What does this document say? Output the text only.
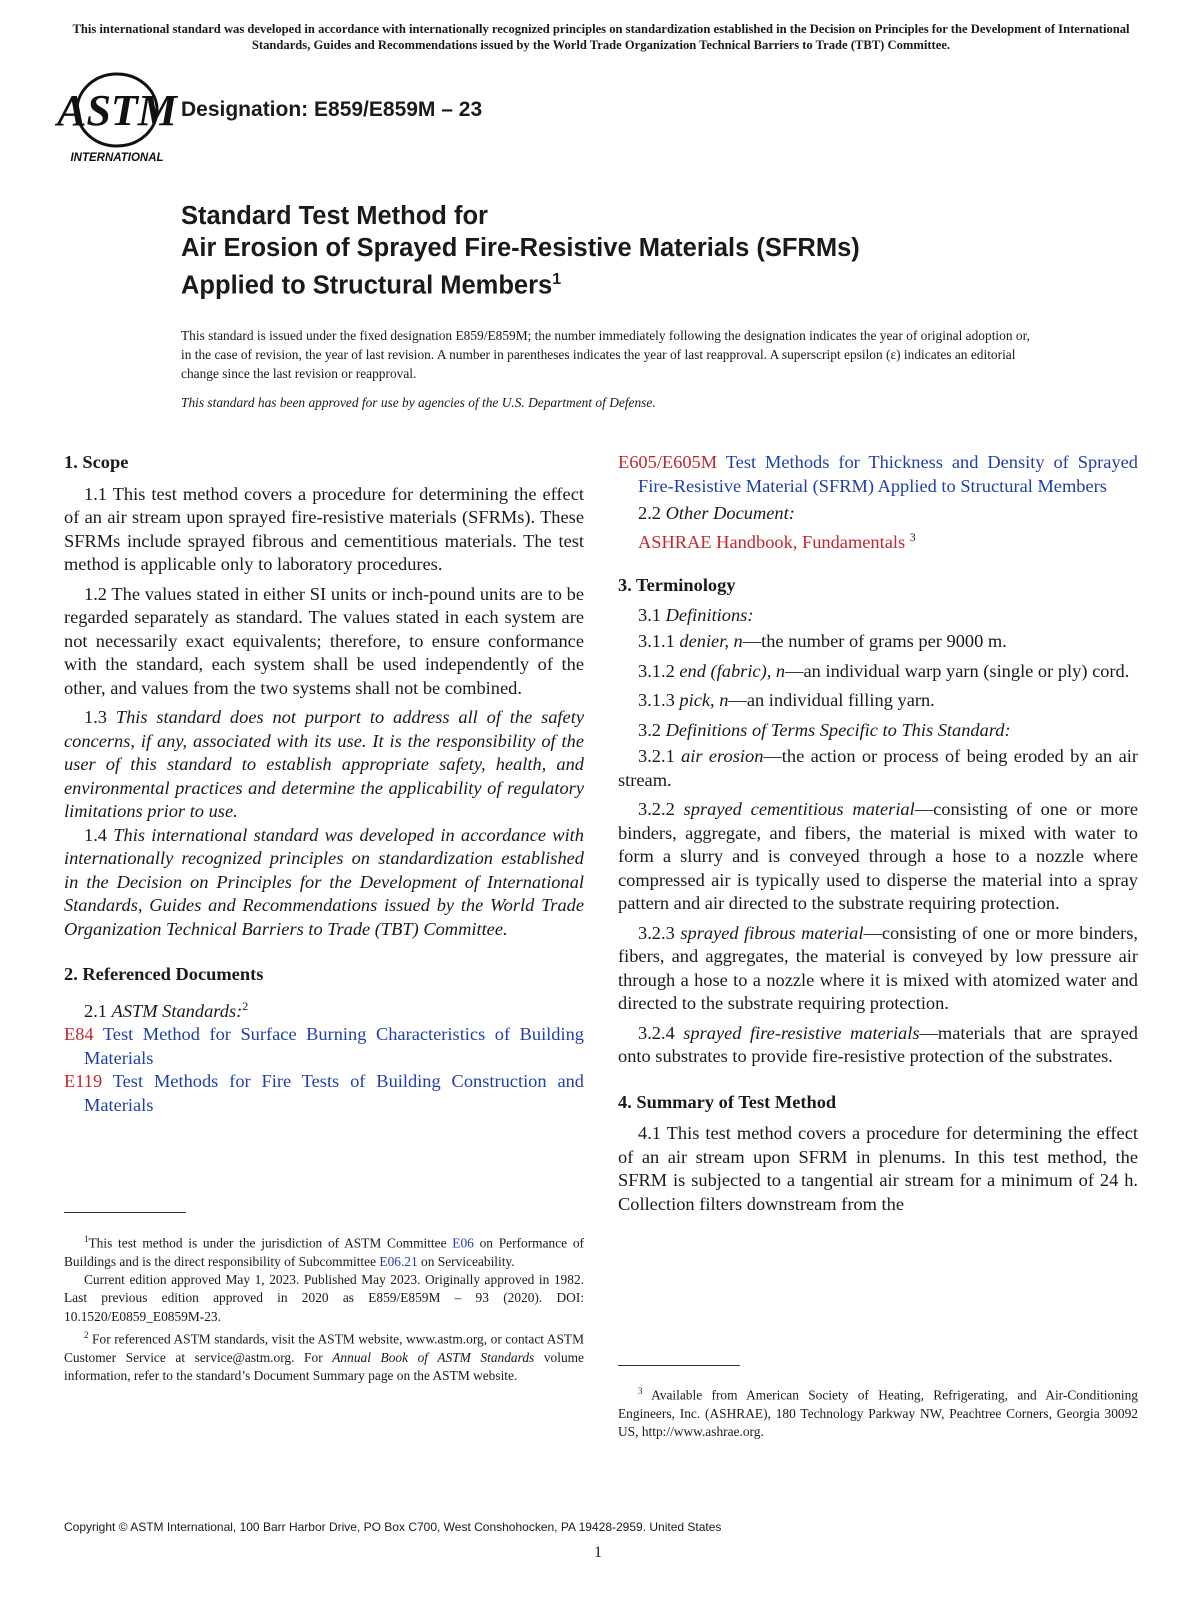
This international standard was developed in accordance with internationally recognized principles on standardization established in the Decision on Principles for the Development of International Standards, Guides and Recommendations issued by the World Trade Organization Technical Barriers to Trade (TBT) Committee.
ASTM
INTERNATIONAL
Designation: E859/E859M – 23
Standard Test Method for
Air Erosion of Sprayed Fire-Resistive Materials (SFRMs)
Applied to Structural Members$^1$
This standard is issued under the fixed designation E859/E859M; the number immediately following the designation indicates the year of original adoption or, in the case of revision, the year of last revision. A number in parentheses indicates the year of last reapproval. A superscript epsilon (ε) indicates an editorial change since the last revision or reapproval.
This standard has been approved for use by agencies of the U.S. Department of Defense.
1. Scope

1.1 This test method covers a procedure for determining the effect of an air stream upon sprayed fire-resistive materials (SFRMs). These SFRMs include sprayed fibrous and cementitious materials. The test method is applicable only to laboratory procedures.

1.2 The values stated in either SI units or inch-pound units are to be regarded separately as standard. The values stated in each system are not necessarily exact equivalents; therefore, to ensure conformance with the standard, each system shall be used independently of the other, and values from the two systems shall not be combined.

1.3 This standard does not purport to address all of the safety concerns, if any, associated with its use. It is the responsibility of the user of this standard to establish appropriate safety, health, and environmental practices and determine the applicability of regulatory limitations prior to use.

1.4 This international standard was developed in accordance with internationally recognized principles on standardization established in the Decision on Principles for the Development of International Standards, Guides and Recommendations issued by the World Trade Organization Technical Barriers to Trade (TBT) Committee.

2. Referenced Documents

2.1 ASTM Standards:$^2$

E84 Test Method for Surface Burning Characteristics of Building Materials

E119 Test Methods for Fire Tests of Building Construction and Materials

$^1$This test method is under the jurisdiction of ASTM Committee E06 on Performance of Buildings and is the direct responsibility of Subcommittee E06.21 on Serviceability.

Current edition approved May 1, 2023. Published May 2023. Originally approved in 1982. Last previous edition approved in 2020 as E859/E859M – 93 (2020). DOI: 10.1520/E0859_E0859M-23.

$^2$ For referenced ASTM standards, visit the ASTM website, www.astm.org, or contact ASTM Customer Service at service@astm.org. For Annual Book of ASTM Standards volume information, refer to the standard’s Document Summary page on the ASTM website.

E605/E605M Test Methods for Thickness and Density of Sprayed Fire-Resistive Material (SFRM) Applied to Structural Members

2.2 Other Document:

ASHRAE Handbook, Fundamentals $^3$

3. Terminology

3.1 Definitions:

3.1.1 denier, n—the number of grams per 9000 m.

3.1.2 end (fabric), n—an individual warp yarn (single or ply) cord.

3.1.3 pick, n—an individual filling yarn.

3.2 Definitions of Terms Specific to This Standard:

3.2.1 air erosion—the action or process of being eroded by an air stream.

3.2.2 sprayed cementitious material—consisting of one or more binders, aggregate, and fibers, the material is mixed with water to form a slurry and is conveyed through a hose to a nozzle where compressed air is typically used to disperse the material into a spray pattern and air directed to the substrate requiring protection.

3.2.3 sprayed fibrous material—consisting of one or more binders, fibers, and aggregates, the material is conveyed by low pressure air through a hose to a nozzle where it is mixed with atomized water and directed to the substrate requiring protection.

3.2.4 sprayed fire-resistive materials—materials that are sprayed onto substrates to provide fire-resistive protection of the substrates.

4. Summary of Test Method

4.1 This test method covers a procedure for determining the effect of an air stream upon SFRM in plenums. In this test method, the SFRM is subjected to a tangential air stream for a minimum of 24 h. Collection filters downstream from the

$^3$ Available from American Society of Heating, Refrigerating, and Air-Conditioning Engineers, Inc. (ASHRAE), 180 Technology Parkway NW, Peachtree Corners, Georgia 30092 US, http://www.ashrae.org.

Copyright © ASTM International, 100 Barr Harbor Drive, PO Box C700, West Conshohocken, PA 19428-2959. United States
1
